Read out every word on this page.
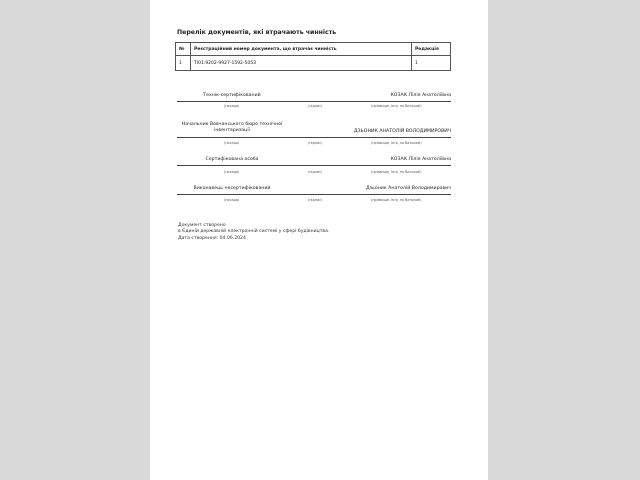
Перелік документів, які втрачають чинність
№	Реєстраційний номер документа, що втрачає чинність	Редакція
1	ТІ01:9202-9927-1592-5053	1
Технік-сертифікований	КОЗАК Лілія Анатоліївна
(посада)	(підпис)	(прізвище, ім'я, по батькові)
Начальник Вовчанського бюро технічної інвентаризації	ДЗЬОНИК АНАТОЛІЙ ВОЛОДИМИРОВИЧ
(посада)	(підпис)	(прізвище, ім'я, по батькові)
Сертифікована особа	КОЗАК Лілія Анатоліївна
(посада)	(підпис)	(прізвище, ім'я, по батькові)
Виконавець несертифікований	Дзьоник Анатолій Володимирович
(посада)	(підпис)	(прізвище, ім'я, по батькові)
Документ створено
в Єдиній державній електронній системі у сфері будівництва.
Дата створення: 04.06.2024
